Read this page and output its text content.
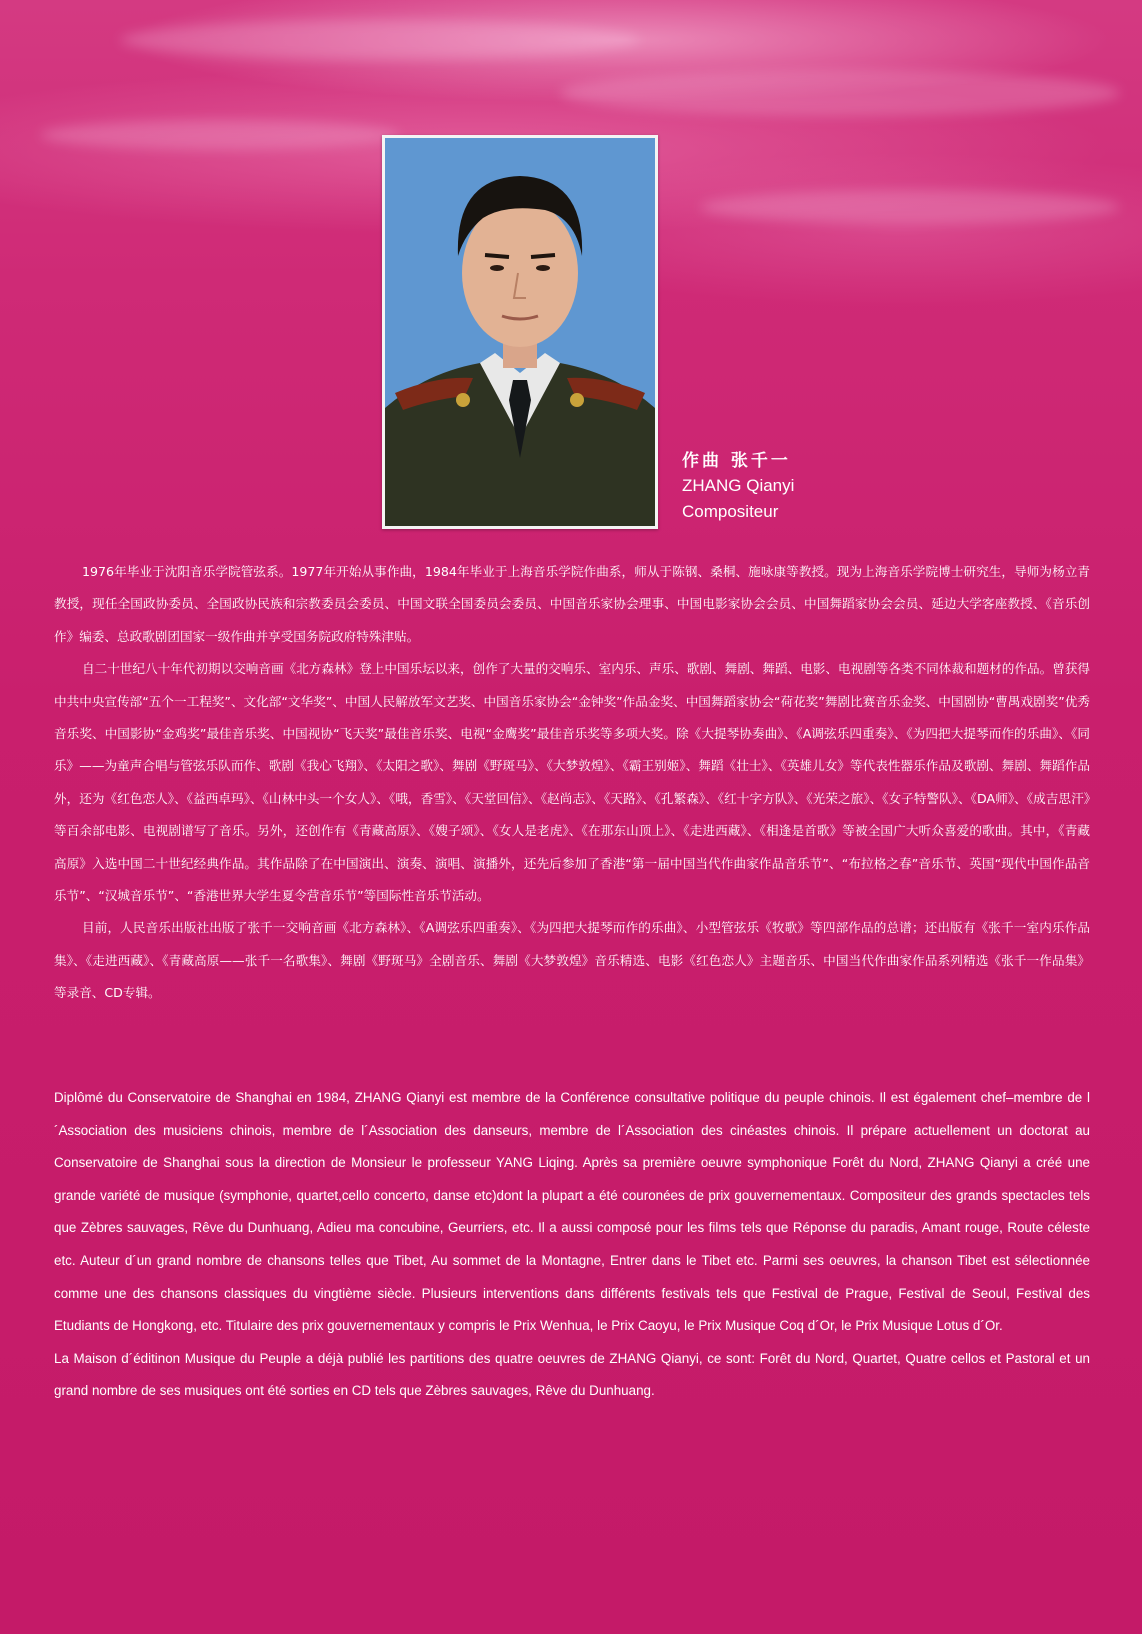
作曲 张千一
ZHANG Qianyi
Compositeur

1976年毕业于沈阳音乐学院管弦系。1977年开始从事作曲，1984年毕业于上海音乐学院作曲系，师从于陈钢、桑桐、施咏康等教授。现为上海音乐学院博士研究生，导师为杨立青教授，现任全国政协委员、全国政协民族和宗教委员会委员、中国文联全国委员会委员、中国音乐家协会理事、中国电影家协会会员、中国舞蹈家协会会员、延边大学客座教授、《音乐创作》编委、总政歌剧团国家一级作曲并享受国务院政府特殊津贴。

自二十世纪八十年代初期以交响音画《北方森林》登上中国乐坛以来，创作了大量的交响乐、室内乐、声乐、歌剧、舞剧、舞蹈、电影、电视剧等各类不同体裁和题材的作品。曾获得中共中央宣传部“五个一工程奖”、文化部“文华奖”、中国人民解放军文艺奖、中国音乐家协会“金钟奖”作品金奖、中国舞蹈家协会“荷花奖”舞剧比赛音乐金奖、中国剧协“曹禺戏剧奖”优秀音乐奖、中国影协“金鸡奖”最佳音乐奖、中国视协“飞天奖”最佳音乐奖、电视“金鹰奖”最佳音乐奖等多项大奖。除《大提琴协奏曲》、《A调弦乐四重奏》、《为四把大提琴而作的乐曲》、《同乐》——为童声合唱与管弦乐队而作、歌剧《我心飞翔》、《太阳之歌》、舞剧《野斑马》、《大梦敦煌》、《霸王别姬》、舞蹈《壮士》、《英雄儿女》等代表性器乐作品及歌剧、舞剧、舞蹈作品外，还为《红色恋人》、《益西卓玛》、《山林中头一个女人》、《哦，香雪》、《天堂回信》、《赵尚志》、《天路》、《孔繁森》、《红十字方队》、《光荣之旅》、《女子特警队》、《DA师》、《成吉思汗》等百余部电影、电视剧谱写了音乐。另外，还创作有《青藏高原》、《嫂子颂》、《女人是老虎》、《在那东山顶上》、《走进西藏》、《相逢是首歌》等被全国广大听众喜爱的歌曲。其中，《青藏高原》入选中国二十世纪经典作品。其作品除了在中国演出、演奏、演唱、演播外，还先后参加了香港“第一届中国当代作曲家作品音乐节”、“布拉格之春”音乐节、英国“现代中国作品音乐节”、“汉城音乐节”、“香港世界大学生夏令营音乐节”等国际性音乐节活动。

目前，人民音乐出版社出版了张千一交响音画《北方森林》、《A调弦乐四重奏》、《为四把大提琴而作的乐曲》、小型管弦乐《牧歌》等四部作品的总谱；还出版有《张千一室内乐作品集》、《走进西藏》、《青藏高原——张千一名歌集》、舞剧《野斑马》全剧音乐、舞剧《大梦敦煌》音乐精选、电影《红色恋人》主题音乐、中国当代作曲家作品系列精选《张千一作品集》等录音、CD专辑。

Diplômé du Conservatoire de Shanghai en 1984, ZHANG Qianyi est membre de la Conférence consultative politique du peuple chinois. Il est également chef–membre de l´Association des musiciens chinois, membre de l´Association des danseurs, membre de l´Association des cinéastes chinois. Il prépare actuellement un doctorat au Conservatoire de Shanghai sous la direction de Monsieur le professeur YANG Liqing. Après sa première oeuvre symphonique Forêt du Nord, ZHANG Qianyi a créé une grande variété de musique (symphonie, quartet,cello concerto, danse etc)dont la plupart a été couronées de prix gouvernementaux. Compositeur des grands spectacles tels que Zèbres sauvages, Rêve du Dunhuang, Adieu ma concubine, Geurriers, etc. Il a aussi composé pour les films tels que Réponse du paradis, Amant rouge, Route céleste etc. Auteur d´un grand nombre de chansons telles que Tibet, Au sommet de la Montagne, Entrer dans le Tibet etc. Parmi ses oeuvres, la chanson Tibet est sélectionnée comme une des chansons classiques du vingtième siècle. Plusieurs interventions dans différents festivals tels que Festival de Prague, Festival de Seoul, Festival des Etudiants de Hongkong, etc. Titulaire des prix gouvernementaux y compris le Prix Wenhua, le Prix Caoyu, le Prix Musique Coq d´Or, le Prix Musique Lotus d´Or.

La Maison d´éditinon Musique du Peuple a déjà publié les partitions des quatre oeuvres de ZHANG Qianyi, ce sont: Forêt du Nord, Quartet, Quatre cellos et Pastoral et un grand nombre de ses musiques ont été sorties en CD tels que Zèbres sauvages, Rêve du Dunhuang.
